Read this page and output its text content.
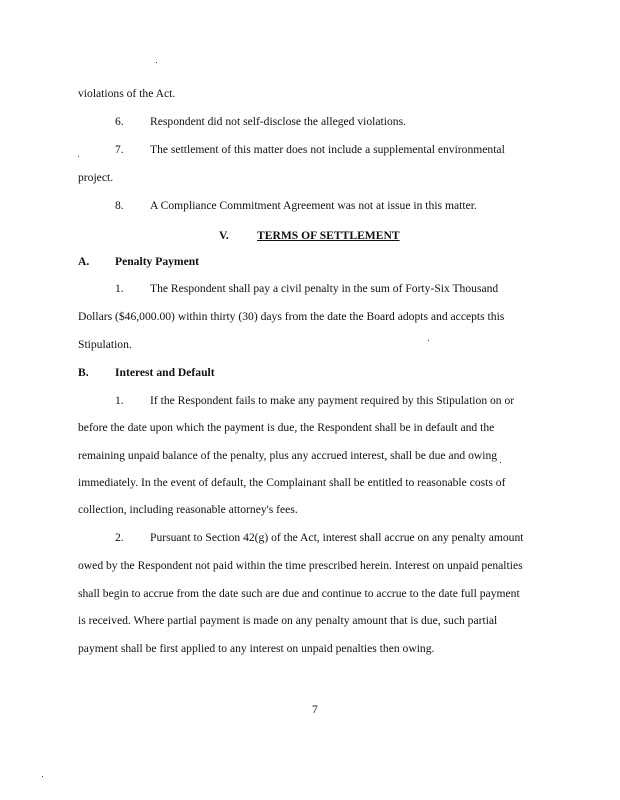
violations of the Act.
6. Respondent did not self-disclose the alleged violations.
7. The settlement of this matter does not include a supplemental environmental
project.
8. A Compliance Commitment Agreement was not at issue in this matter.
V. TERMS OF SETTLEMENT
A. Penalty Payment
1. The Respondent shall pay a civil penalty in the sum of Forty-Six Thousand
Dollars ($46,000.00) within thirty (30) days from the date the Board adopts and accepts this
Stipulation.
B. Interest and Default
1. If the Respondent fails to make any payment required by this Stipulation on or
before the date upon which the payment is due, the Respondent shall be in default and the
remaining unpaid balance of the penalty, plus any accrued interest, shall be due and owing
immediately. In the event of default, the Complainant shall be entitled to reasonable costs of
collection, including reasonable attorney's fees.
2. Pursuant to Section 42(g) of the Act, interest shall accrue on any penalty amount
owed by the Respondent not paid within the time prescribed herein. Interest on unpaid penalties
shall begin to accrue from the date such are due and continue to accrue to the date full payment
is received. Where partial payment is made on any penalty amount that is due, such partial
payment shall be first applied to any interest on unpaid penalties then owing.
7
